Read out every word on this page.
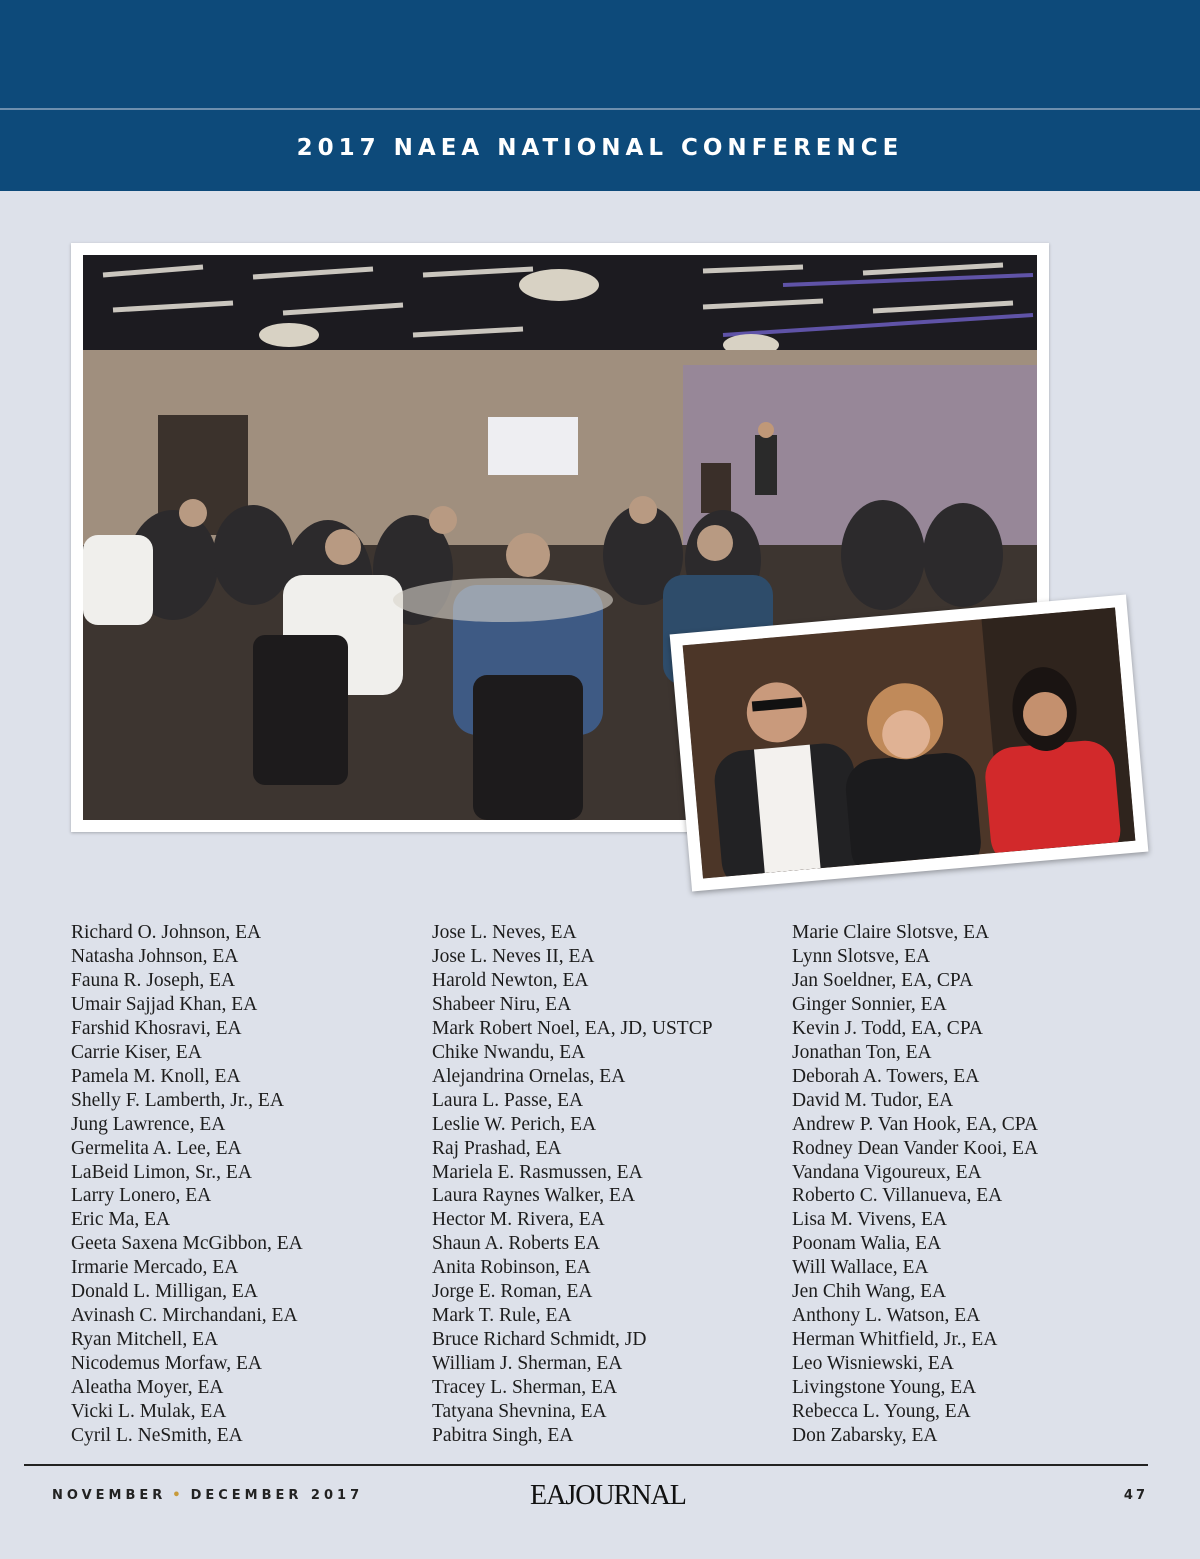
2017 NAEA NATIONAL CONFERENCE
Richard O. Johnson, EA
Natasha Johnson, EA
Fauna R. Joseph, EA
Umair Sajjad Khan, EA
Farshid Khosravi, EA
Carrie Kiser, EA
Pamela M. Knoll, EA
Shelly F. Lamberth, Jr., EA
Jung Lawrence, EA
Germelita A. Lee, EA
LaBeid Limon, Sr., EA
Larry Lonero, EA
Eric Ma, EA
Geeta Saxena McGibbon, EA
Irmarie Mercado, EA
Donald L. Milligan, EA
Avinash C. Mirchandani, EA
Ryan Mitchell, EA
Nicodemus Morfaw, EA
Aleatha Moyer, EA
Vicki L. Mulak, EA
Cyril L. NeSmith, EA
Jose L. Neves, EA
Jose L. Neves II, EA
Harold Newton, EA
Shabeer Niru, EA
Mark Robert Noel, EA, JD, USTCP
Chike Nwandu, EA
Alejandrina Ornelas, EA
Laura L. Passe, EA
Leslie W. Perich, EA
Raj Prashad, EA
Mariela E. Rasmussen, EA
Laura Raynes Walker, EA
Hector M. Rivera, EA
Shaun A. Roberts EA
Anita Robinson, EA
Jorge E. Roman, EA
Mark T. Rule, EA
Bruce Richard Schmidt, JD
William J. Sherman, EA
Tracey L. Sherman, EA
Tatyana Shevnina, EA
Pabitra Singh, EA
Marie Claire Slotsve, EA
Lynn Slotsve, EA
Jan Soeldner, EA, CPA
Ginger Sonnier, EA
Kevin J. Todd, EA, CPA
Jonathan Ton, EA
Deborah A. Towers, EA
David M. Tudor, EA
Andrew P. Van Hook, EA, CPA
Rodney Dean Vander Kooi, EA
Vandana Vigoureux, EA
Roberto C. Villanueva, EA
Lisa M. Vivens, EA
Poonam Walia, EA
Will Wallace, EA
Jen Chih Wang, EA
Anthony L. Watson, EA
Herman Whitfield, Jr., EA
Leo Wisniewski, EA
Livingstone Young, EA
Rebecca L. Young, EA
Don Zabarsky, EA
NOVEMBER • DECEMBER 2017	EAJOURNAL	47
